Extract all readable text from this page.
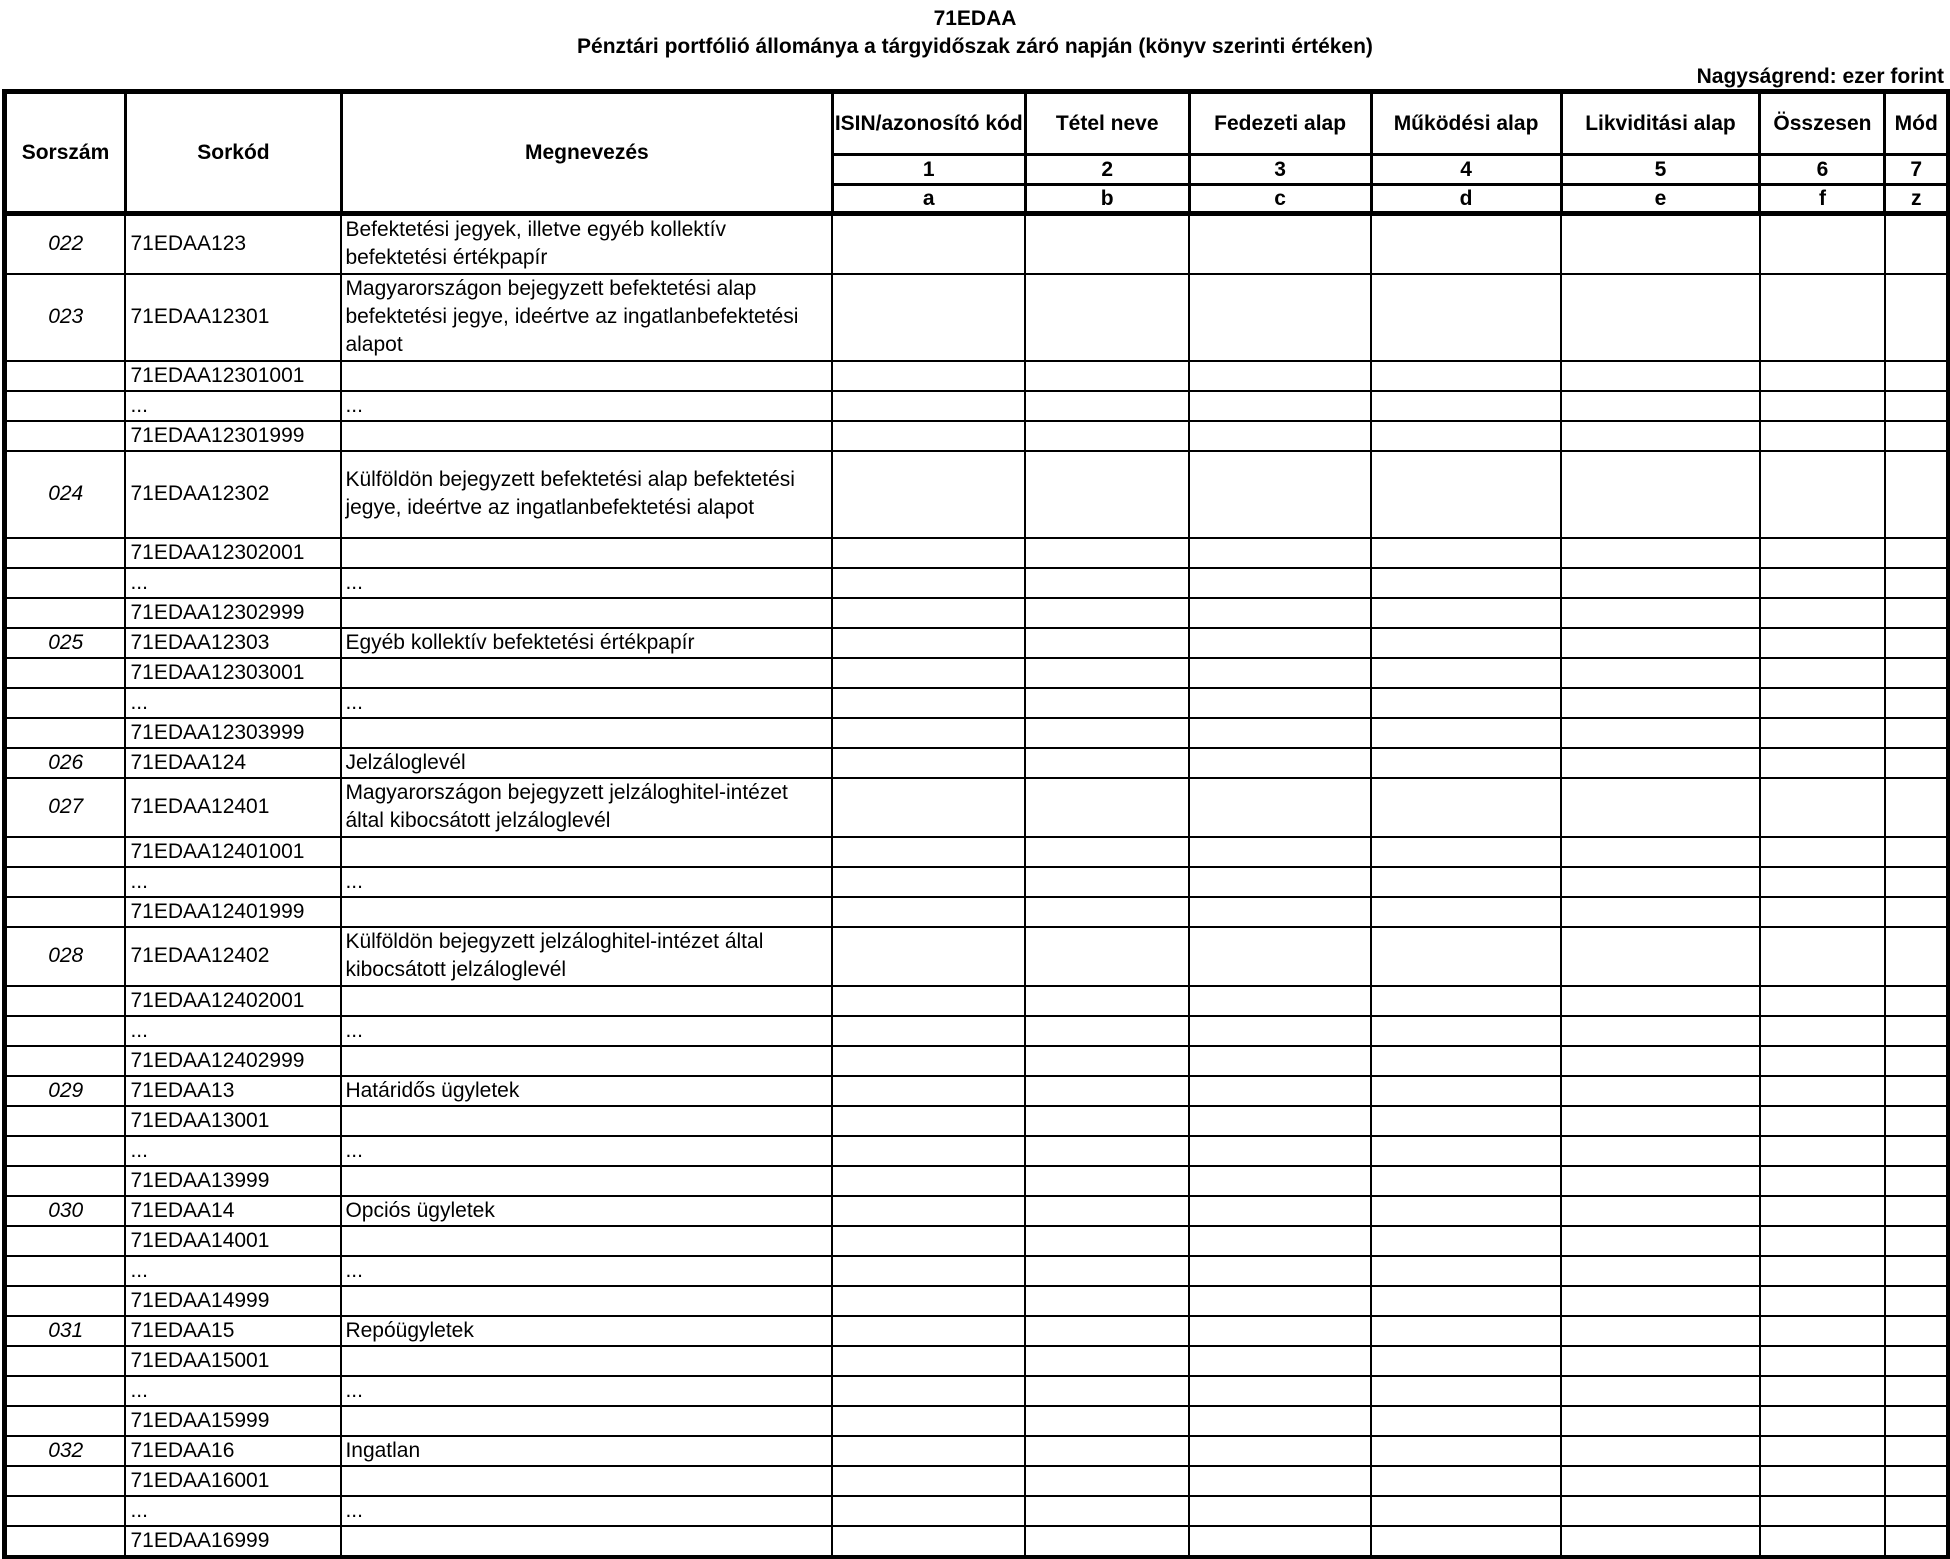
71EDAA
Pénztári portfólió állománya a tárgyidőszak záró napján (könyv szerinti értéken)
Nagyságrend: ezer forint
Sorszám	Sorkód	Megnevezés	ISIN/azonosító kód	Tétel neve	Fedezeti alap	Működési alap	Likviditási alap	Összesen	Mód
			1	2	3	4	5	6	7
			a	b	c	d	e	f	z
022	71EDAA123	Befektetési jegyek, illetve egyéb kollektív befektetési értékpapír							
023	71EDAA12301	Magyarországon bejegyzett befektetési alap befektetési jegye, ideértve az ingatlanbefektetési alapot							
	71EDAA12301001								
	...	...							
	71EDAA12301999								
024	71EDAA12302	Külföldön bejegyzett befektetési alap befektetési jegye, ideértve az ingatlanbefektetési alapot							
	71EDAA12302001								
	...	...							
	71EDAA12302999								
025	71EDAA12303	Egyéb kollektív befektetési értékpapír							
	71EDAA12303001								
	...	...							
	71EDAA12303999								
026	71EDAA124	Jelzáloglevél							
027	71EDAA12401	Magyarországon bejegyzett jelzáloghitel-intézet által kibocsátott jelzáloglevél							
	71EDAA12401001								
	...	...							
	71EDAA12401999								
028	71EDAA12402	Külföldön bejegyzett jelzáloghitel-intézet által kibocsátott jelzáloglevél							
	71EDAA12402001								
	...	...							
	71EDAA12402999								
029	71EDAA13	Határidős ügyletek							
	71EDAA13001								
	...	...							
	71EDAA13999								
030	71EDAA14	Opciós ügyletek							
	71EDAA14001								
	...	...							
	71EDAA14999								
031	71EDAA15	Repóügyletek							
	71EDAA15001								
	...	...							
	71EDAA15999								
032	71EDAA16	Ingatlan							
	71EDAA16001								
	...	...							
	71EDAA16999								
